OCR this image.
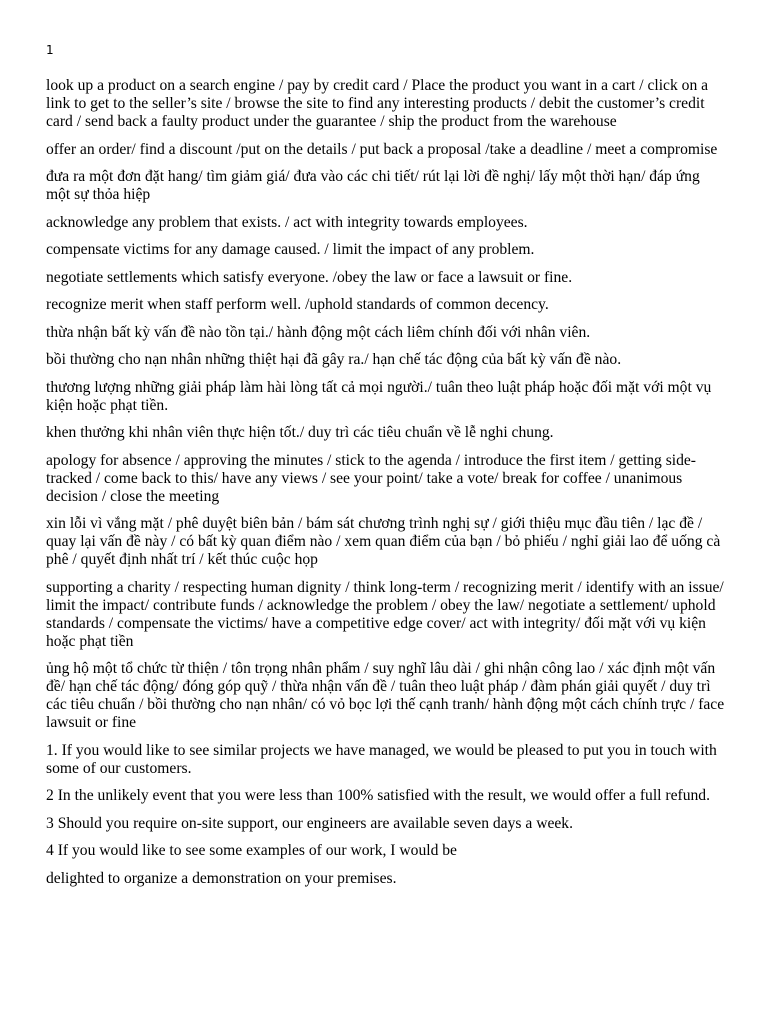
1

look up a product on a search engine / pay by credit card / Place the product you want in a cart / click on a link to get to the seller’s site / browse the site to find any interesting products / debit the customer’s credit card / send back a faulty product under the guarantee / ship the product from the warehouse

offer an order/ find a discount /put on the details / put back a proposal /take a deadline / meet a compromise

đưa ra một đơn đặt hang/ tìm giảm giá/ đưa vào các chi tiết/ rút lại lời đề nghị/ lấy một thời hạn/ đáp ứng một sự thỏa hiệp

acknowledge any problem that exists. / act with integrity towards employees.

compensate victims for any damage caused. / limit the impact of any problem.

negotiate settlements which satisfy everyone. /obey the law or face a lawsuit or fine.

recognize merit when staff perform well. /uphold standards of common decency.

thừa nhận bất kỳ vấn đề nào tồn tại./ hành động một cách liêm chính đối với nhân viên.

bồi thường cho nạn nhân những thiệt hại đã gây ra./ hạn chế tác động của bất kỳ vấn đề nào.

thương lượng những giải pháp làm hài lòng tất cả mọi người./ tuân theo luật pháp hoặc đối mặt với một vụ kiện hoặc phạt tiền.

khen thưởng khi nhân viên thực hiện tốt./ duy trì các tiêu chuẩn về lễ nghi chung.

apology for absence / approving the minutes / stick to the agenda / introduce the first item / getting side-tracked / come back to this/ have any views / see your point/ take a vote/ break for coffee / unanimous decision / close the meeting

xin lỗi vì vắng mặt / phê duyệt biên bản / bám sát chương trình nghị sự / giới thiệu mục đầu tiên / lạc đề / quay lại vấn đề này / có bất kỳ quan điểm nào / xem quan điểm của bạn / bỏ phiếu / nghỉ giải lao để uống cà phê / quyết định nhất trí / kết thúc cuộc họp

supporting a charity / respecting human dignity / think long-term / recognizing merit / identify with an issue/ limit the impact/ contribute funds / acknowledge the problem / obey the law/ negotiate a settlement/ uphold standards / compensate the victims/ have a competitive edge cover/ act with integrity/ đối mặt với vụ kiện hoặc phạt tiền

ủng hộ một tổ chức từ thiện / tôn trọng nhân phẩm / suy nghĩ lâu dài / ghi nhận công lao / xác định một vấn đề/ hạn chế tác động/ đóng góp quỹ / thừa nhận vấn đề / tuân theo luật pháp / đàm phán giải quyết / duy trì các tiêu chuẩn / bồi thường cho nạn nhân/ có vỏ bọc lợi thế cạnh tranh/ hành động một cách chính trực / face lawsuit or fine

1. If you would like to see similar projects we have managed, we would be pleased to put you in touch with some of our customers.

2 In the unlikely event that you were less than 100% satisfied with the result, we would offer a full refund.

3 Should you require on-site support, our engineers are available seven days a week.

4 If you would like to see some examples of our work, I would be

delighted to organize a demonstration on your premises.
